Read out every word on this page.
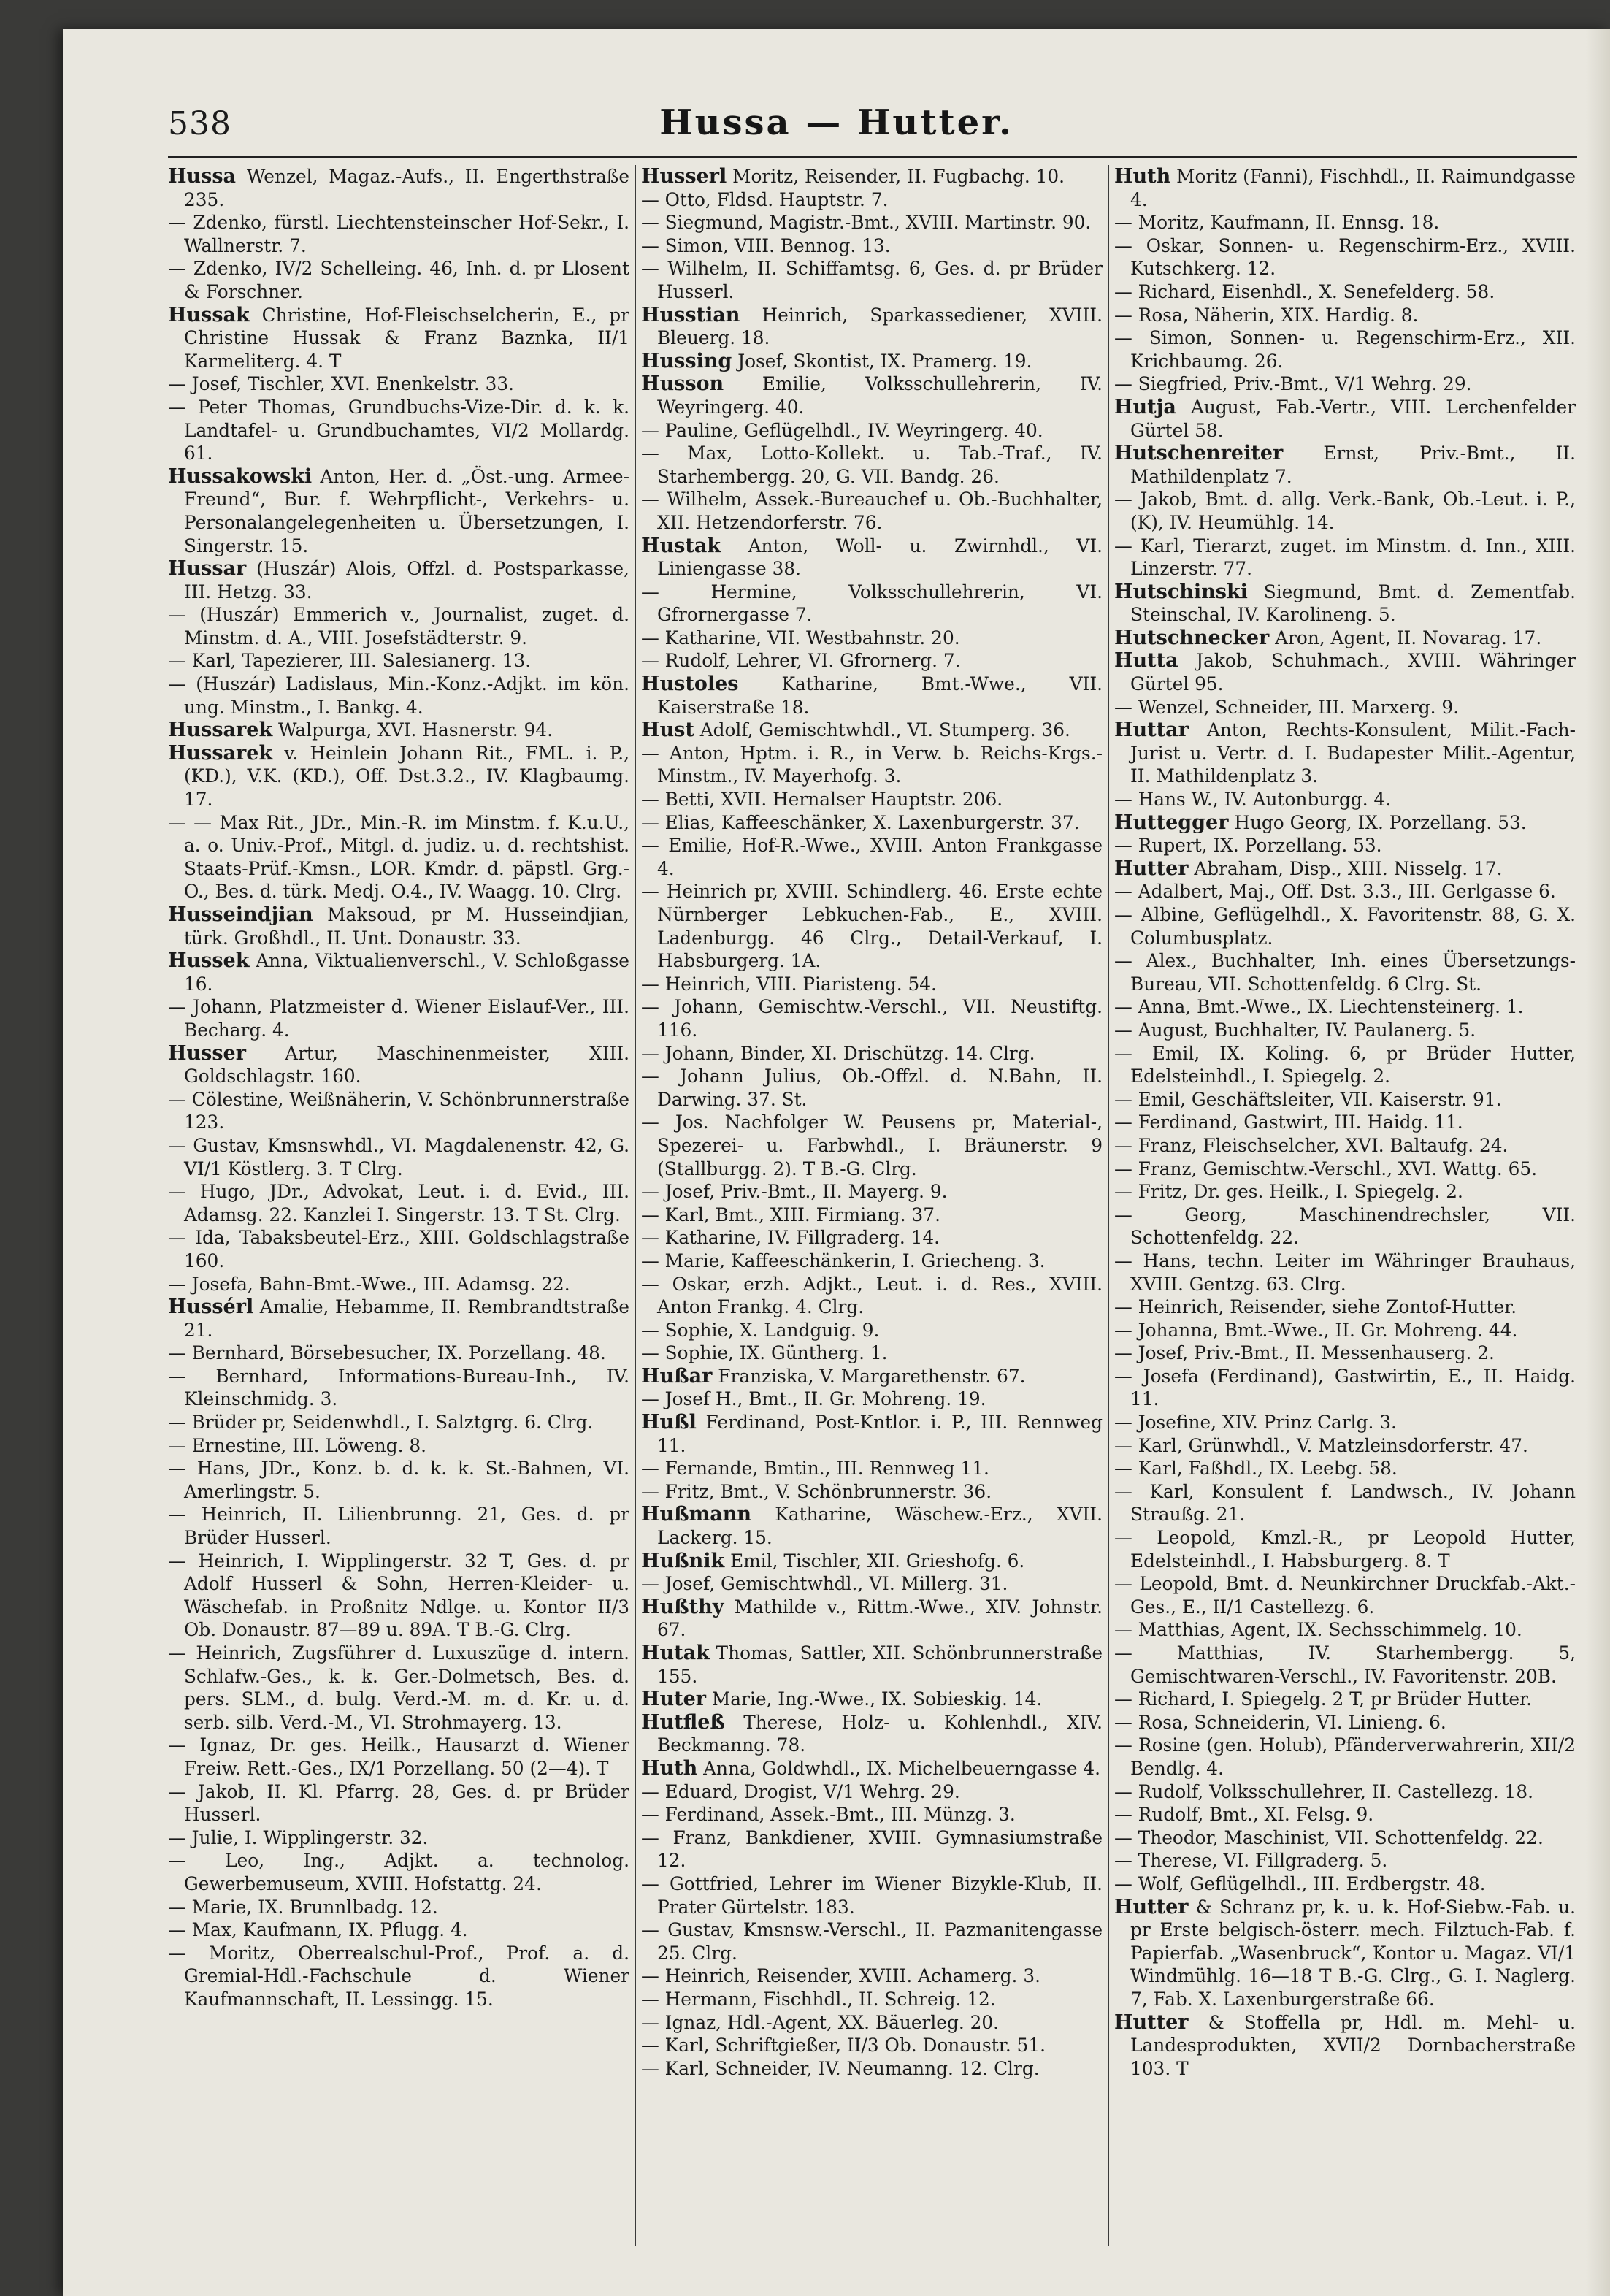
538	Hussa — Hutter.
Hussa Wenzel, Magaz.-Aufs., II. Engerthstraße 235.
— Zdenko, fürstl. Liechtensteinscher Hof-Sekr., I. Wallnerstr. 7.
— Zdenko, IV/2 Schelleing. 46, Inh. d. pr Llosent & Forschner.
Hussak Christine, Hof-Fleischselcherin, E., pr Christine Hussak & Franz Baznka, II/1 Karmeliterg. 4. T
— Josef, Tischler, XVI. Enenkelstr. 33.
— Peter Thomas, Grundbuchs-Vize-Dir. d. k. k. Landtafel- u. Grundbuchamtes, VI/2 Mollardg. 61.
Hussakowski Anton, Her. d. „Öst.-ung. Armee-Freund“, Bur. f. Wehrpflicht-, Verkehrs- u. Personalangelegenheiten u. Übersetzungen, I. Singerstr. 15.
Hussar (Huszár) Alois, Offzl. d. Postsparkasse, III. Hetzg. 33.
— (Huszár) Emmerich v., Journalist, zuget. d. Minstm. d. A., VIII. Josefstädterstr. 9.
— Karl, Tapezierer, III. Salesianerg. 13.
— (Huszár) Ladislaus, Min.-Konz.-Adjkt. im kön. ung. Minstm., I. Bankg. 4.
Hussarek Walpurga, XVI. Hasnerstr. 94.
Hussarek v. Heinlein Johann Rit., FML. i. P., (KD.), V.K. (KD.), Off. Dst.3.2., IV. Klagbaumg. 17.
— — Max Rit., JDr., Min.-R. im Minstm. f. K.u.U., a. o. Univ.-Prof., Mitgl. d. judiz. u. d. rechtshist. Staats-Prüf.-Kmsn., LOR. Kmdr. d. päpstl. Grg.-O., Bes. d. türk. Medj. O.4., IV. Waagg. 10. Clrg.
Husseindjian Maksoud, pr M. Husseindjian, türk. Großhdl., II. Unt. Donaustr. 33.
Hussek Anna, Viktualienverschl., V. Schloßgasse 16.
— Johann, Platzmeister d. Wiener Eislauf-Ver., III. Becharg. 4.
Husser Artur, Maschinenmeister, XIII. Goldschlagstr. 160.
— Cölestine, Weißnäherin, V. Schönbrunnerstraße 123.
— Gustav, Kmsnswhdl., VI. Magdalenenstr. 42, G. VI/1 Köstlerg. 3. T Clrg.
— Hugo, JDr., Advokat, Leut. i. d. Evid., III. Adamsg. 22. Kanzlei I. Singerstr. 13. T St. Clrg.
— Ida, Tabaksbeutel-Erz., XIII. Goldschlagstraße 160.
— Josefa, Bahn-Bmt.-Wwe., III. Adamsg. 22.
Hussérl Amalie, Hebamme, II. Rembrandtstraße 21.
— Bernhard, Börsebesucher, IX. Porzellang. 48.
— Bernhard, Informations-Bureau-Inh., IV. Kleinschmidg. 3.
— Brüder pr, Seidenwhdl., I. Salztgrg. 6. Clrg.
— Ernestine, III. Löweng. 8.
— Hans, JDr., Konz. b. d. k. k. St.-Bahnen, VI. Amerlingstr. 5.
— Heinrich, II. Lilienbrunng. 21, Ges. d. pr Brüder Husserl.
— Heinrich, I. Wipplingerstr. 32 T, Ges. d. pr Adolf Husserl & Sohn, Herren-Kleider- u. Wäschefab. in Proßnitz Ndlge. u. Kontor II/3 Ob. Donaustr. 87—89 u. 89A. T B.-G. Clrg.
— Heinrich, Zugsführer d. Luxuszüge d. intern. Schlafw.-Ges., k. k. Ger.-Dolmetsch, Bes. d. pers. SLM., d. bulg. Verd.-M. m. d. Kr. u. d. serb. silb. Verd.-M., VI. Strohmayerg. 13.
— Ignaz, Dr. ges. Heilk., Hausarzt d. Wiener Freiw. Rett.-Ges., IX/1 Porzellang. 50 (2—4). T
— Jakob, II. Kl. Pfarrg. 28, Ges. d. pr Brüder Husserl.
— Julie, I. Wipplingerstr. 32.
— Leo, Ing., Adjkt. a. technolog. Gewerbemuseum, XVIII. Hofstattg. 24.
— Marie, IX. Brunnlbadg. 12.
— Max, Kaufmann, IX. Pflugg. 4.
— Moritz, Oberrealschul-Prof., Prof. a. d. Gremial-Hdl.-Fachschule d. Wiener Kaufmannschaft, II. Lessingg. 15.
Husserl Moritz, Reisender, II. Fugbachg. 10.
— Otto, Fldsd. Hauptstr. 7.
— Siegmund, Magistr.-Bmt., XVIII. Martinstr. 90.
— Simon, VIII. Bennog. 13.
— Wilhelm, II. Schiffamtsg. 6, Ges. d. pr Brüder Husserl.
Husstian Heinrich, Sparkassediener, XVIII. Bleuerg. 18.
Hussing Josef, Skontist, IX. Pramerg. 19.
Husson Emilie, Volksschullehrerin, IV. Weyringerg. 40.
— Pauline, Geflügelhdl., IV. Weyringerg. 40.
— Max, Lotto-Kollekt. u. Tab.-Traf., IV. Starhembergg. 20, G. VII. Bandg. 26.
— Wilhelm, Assek.-Bureauchef u. Ob.-Buchhalter, XII. Hetzendorferstr. 76.
Hustak Anton, Woll- u. Zwirnhdl., VI. Liniengasse 38.
— Hermine, Volksschullehrerin, VI. Gfrornergasse 7.
— Katharine, VII. Westbahnstr. 20.
— Rudolf, Lehrer, VI. Gfrornerg. 7.
Hustoles Katharine, Bmt.-Wwe., VII. Kaiserstraße 18.
Hust Adolf, Gemischtwhdl., VI. Stumperg. 36.
— Anton, Hptm. i. R., in Verw. b. Reichs-Krgs.-Minstm., IV. Mayerhofg. 3.
— Betti, XVII. Hernalser Hauptstr. 206.
— Elias, Kaffeeschänker, X. Laxenburgerstr. 37.
— Emilie, Hof-R.-Wwe., XVIII. Anton Frankgasse 4.
— Heinrich pr, XVIII. Schindlerg. 46. Erste echte Nürnberger Lebkuchen-Fab., E., XVIII. Ladenburgg. 46 Clrg., Detail-Verkauf, I. Habsburgerg. 1A.
— Heinrich, VIII. Piaristeng. 54.
— Johann, Gemischtw.-Verschl., VII. Neustiftg. 116.
— Johann, Binder, XI. Drischützg. 14. Clrg.
— Johann Julius, Ob.-Offzl. d. N.Bahn, II. Darwing. 37. St.
— Jos. Nachfolger W. Peusens pr, Material-, Spezerei- u. Farbwhdl., I. Bräunerstr. 9 (Stallburgg. 2). T B.-G. Clrg.
— Josef, Priv.-Bmt., II. Mayerg. 9.
— Karl, Bmt., XIII. Firmiang. 37.
— Katharine, IV. Fillgraderg. 14.
— Marie, Kaffeeschänkerin, I. Griecheng. 3.
— Oskar, erzh. Adjkt., Leut. i. d. Res., XVIII. Anton Frankg. 4. Clrg.
— Sophie, X. Landguig. 9.
— Sophie, IX. Güntherg. 1.
Hußar Franziska, V. Margarethenstr. 67.
— Josef H., Bmt., II. Gr. Mohreng. 19.
Hußl Ferdinand, Post-Kntlor. i. P., III. Rennweg 11.
— Fernande, Bmtin., III. Rennweg 11.
— Fritz, Bmt., V. Schönbrunnerstr. 36.
Hußmann Katharine, Wäschew.-Erz., XVII. Lackerg. 15.
Hußnik Emil, Tischler, XII. Grieshofg. 6.
— Josef, Gemischtwhdl., VI. Millerg. 31.
Hußthy Mathilde v., Rittm.-Wwe., XIV. Johnstr. 67.
Hutak Thomas, Sattler, XII. Schönbrunnerstraße 155.
Huter Marie, Ing.-Wwe., IX. Sobieskig. 14.
Hutfleß Therese, Holz- u. Kohlenhdl., XIV. Beckmanng. 78.
Huth Anna, Goldwhdl., IX. Michelbeuerngasse 4.
— Eduard, Drogist, V/1 Wehrg. 29.
— Ferdinand, Assek.-Bmt., III. Münzg. 3.
— Franz, Bankdiener, XVIII. Gymnasiumstraße 12.
— Gottfried, Lehrer im Wiener Bizykle-Klub, II. Prater Gürtelstr. 183.
— Gustav, Kmsnsw.-Verschl., II. Pazmanitengasse 25. Clrg.
— Heinrich, Reisender, XVIII. Achamerg. 3.
— Hermann, Fischhdl., II. Schreig. 12.
— Ignaz, Hdl.-Agent, XX. Bäuerleg. 20.
— Karl, Schriftgießer, II/3 Ob. Donaustr. 51.
— Karl, Schneider, IV. Neumanng. 12. Clrg.
Huth Moritz (Fanni), Fischhdl., II. Raimundgasse 4.
— Moritz, Kaufmann, II. Ennsg. 18.
— Oskar, Sonnen- u. Regenschirm-Erz., XVIII. Kutschkerg. 12.
— Richard, Eisenhdl., X. Senefelderg. 58.
— Rosa, Näherin, XIX. Hardig. 8.
— Simon, Sonnen- u. Regenschirm-Erz., XII. Krichbaumg. 26.
— Siegfried, Priv.-Bmt., V/1 Wehrg. 29.
Hutja August, Fab.-Vertr., VIII. Lerchenfelder Gürtel 58.
Hutschenreiter Ernst, Priv.-Bmt., II. Mathildenplatz 7.
— Jakob, Bmt. d. allg. Verk.-Bank, Ob.-Leut. i. P., (K), IV. Heumühlg. 14.
— Karl, Tierarzt, zuget. im Minstm. d. Inn., XIII. Linzerstr. 77.
Hutschinski Siegmund, Bmt. d. Zementfab. Steinschal, IV. Karolineng. 5.
Hutschnecker Aron, Agent, II. Novarag. 17.
Hutta Jakob, Schuhmach., XVIII. Währinger Gürtel 95.
— Wenzel, Schneider, III. Marxerg. 9.
Huttar Anton, Rechts-Konsulent, Milit.-Fach-Jurist u. Vertr. d. I. Budapester Milit.-Agentur, II. Mathildenplatz 3.
— Hans W., IV. Autonburgg. 4.
Huttegger Hugo Georg, IX. Porzellang. 53.
— Rupert, IX. Porzellang. 53.
Hutter Abraham, Disp., XIII. Nisselg. 17.
— Adalbert, Maj., Off. Dst. 3.3., III. Gerlgasse 6.
— Albine, Geflügelhdl., X. Favoritenstr. 88, G. X. Columbusplatz.
— Alex., Buchhalter, Inh. eines Übersetzungs-Bureau, VII. Schottenfeldg. 6 Clrg. St.
— Anna, Bmt.-Wwe., IX. Liechtensteinerg. 1.
— August, Buchhalter, IV. Paulanerg. 5.
— Emil, IX. Koling. 6, pr Brüder Hutter, Edelsteinhdl., I. Spiegelg. 2.
— Emil, Geschäftsleiter, VII. Kaiserstr. 91.
— Ferdinand, Gastwirt, III. Haidg. 11.
— Franz, Fleischselcher, XVI. Baltaufg. 24.
— Franz, Gemischtw.-Verschl., XVI. Wattg. 65.
— Fritz, Dr. ges. Heilk., I. Spiegelg. 2.
— Georg, Maschinendrechsler, VII. Schottenfeldg. 22.
— Hans, techn. Leiter im Währinger Brauhaus, XVIII. Gentzg. 63. Clrg.
— Heinrich, Reisender, siehe Zontof-Hutter.
— Johanna, Bmt.-Wwe., II. Gr. Mohreng. 44.
— Josef, Priv.-Bmt., II. Messenhauserg. 2.
— Josefa (Ferdinand), Gastwirtin, E., II. Haidg. 11.
— Josefine, XIV. Prinz Carlg. 3.
— Karl, Grünwhdl., V. Matzleinsdorferstr. 47.
— Karl, Faßhdl., IX. Leebg. 58.
— Karl, Konsulent f. Landwsch., IV. Johann Straußg. 21.
— Leopold, Kmzl.-R., pr Leopold Hutter, Edelsteinhdl., I. Habsburgerg. 8. T
— Leopold, Bmt. d. Neunkirchner Druckfab.-Akt.-Ges., E., II/1 Castellezg. 6.
— Matthias, Agent, IX. Sechsschimmelg. 10.
— Matthias, IV. Starhembergg. 5, Gemischtwaren-Verschl., IV. Favoritenstr. 20B.
— Richard, I. Spiegelg. 2 T, pr Brüder Hutter.
— Rosa, Schneiderin, VI. Linieng. 6.
— Rosine (gen. Holub), Pfänderverwahrerin, XII/2 Bendlg. 4.
— Rudolf, Volksschullehrer, II. Castellezg. 18.
— Rudolf, Bmt., XI. Felsg. 9.
— Theodor, Maschinist, VII. Schottenfeldg. 22.
— Therese, VI. Fillgraderg. 5.
— Wolf, Geflügelhdl., III. Erdbergstr. 48.
Hutter & Schranz pr, k. u. k. Hof-Siebw.-Fab. u. pr Erste belgisch-österr. mech. Filztuch-Fab. f. Papierfab. „Wasenbruck“, Kontor u. Magaz. VI/1 Windmühlg. 16—18 T B.-G. Clrg., G. I. Naglerg. 7, Fab. X. Laxenburgerstraße 66.
Hutter & Stoffella pr, Hdl. m. Mehl- u. Landesprodukten, XVII/2 Dornbacherstraße 103. T
